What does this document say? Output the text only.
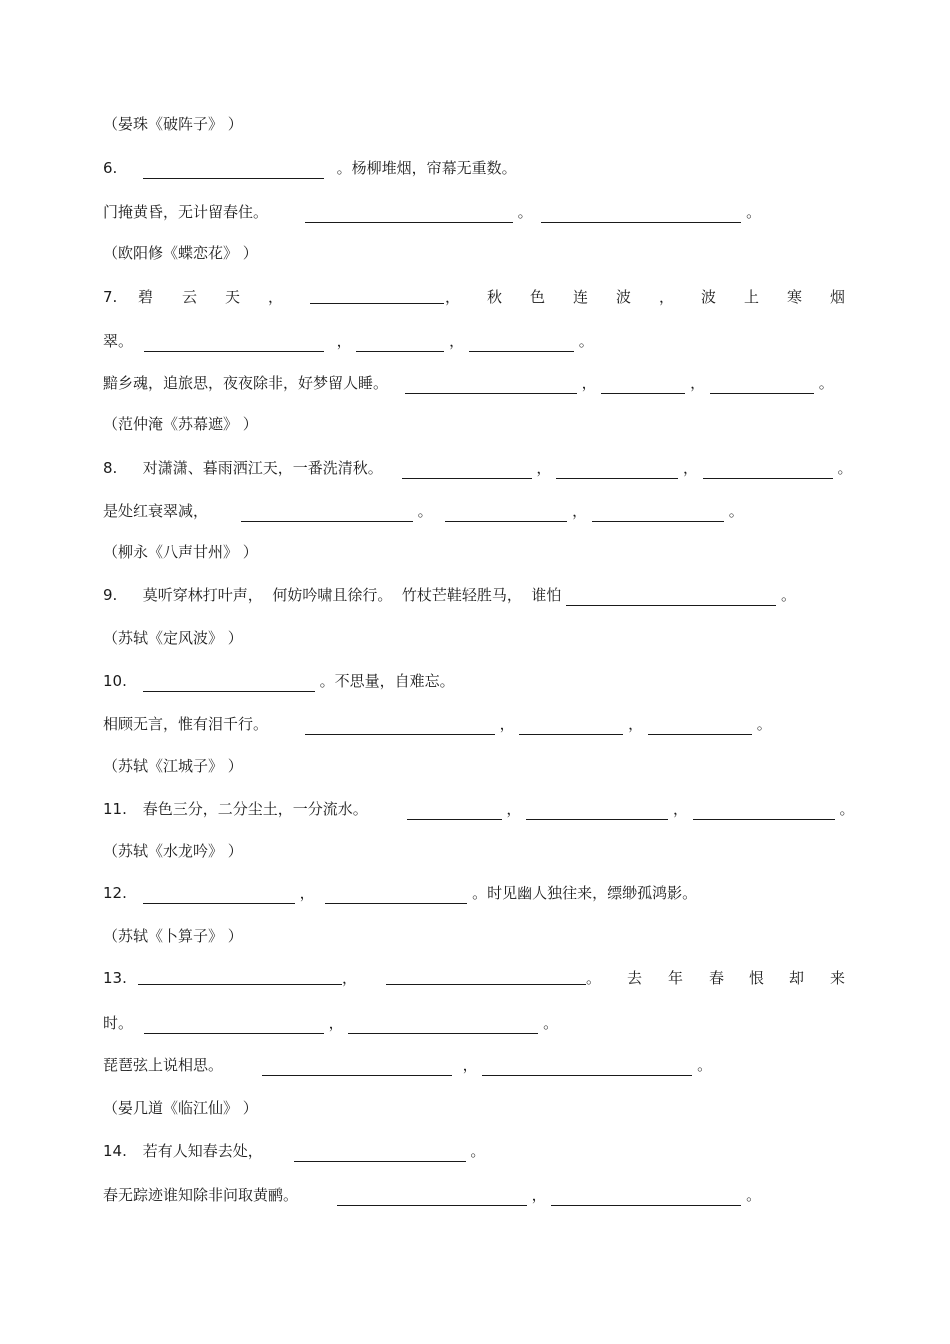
（晏珠《破阵子》 ）
6.	。杨柳堆烟，帘幕无重数。
门掩黄昏，无计留春住。	。	。
（欧阳修《蝶恋花》 ）
7. 碧 云 天 ，	， 秋 色 连 波 ， 波 上 寒 烟
翠。	，	，	。
黯乡魂，追旅思，夜夜除非，好梦留人睡。	，	，	。
（范仲淹《苏幕遮》 ）
8. 对潇潇、暮雨洒江天，一番洗清秋。	，	，	。
是处红衰翠减，	。	，	。
（柳永《八声甘州》 ）
9. 莫听穿林打叶声，  何妨吟啸且徐行。  竹杖芒鞋轻胜马，  谁怕	。
（苏轼《定风波》 ）
10.	。不思量，自难忘。
相顾无言，惟有泪千行。	，	，	。
（苏轼《江城子》 ）
11. 春色三分，二分尘土，一分流水。	，	，	。
（苏轼《水龙吟》 ）
12.	，	。时见幽人独往来，缥缈孤鸿影。
（苏轼《卜算子》 ）
13.	，	。 去 年 春 恨 却 来
时。	，	。
琵琶弦上说相思。	，	。
（晏几道《临江仙》 ）
14. 若有人知春去处，	。
春无踪迹谁知除非问取黄鹂。	，	。
